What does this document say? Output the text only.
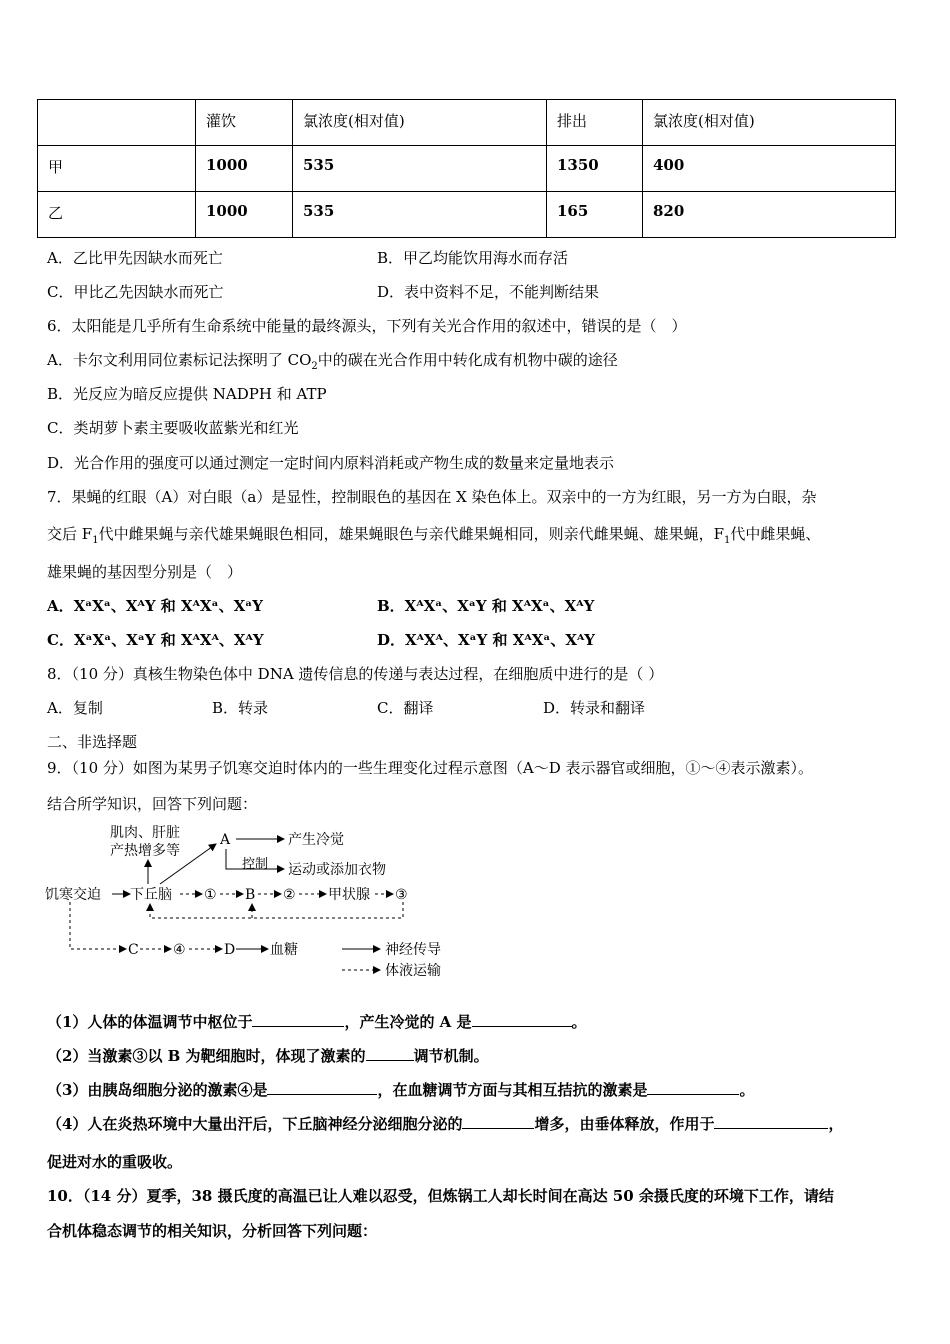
	灌饮	氯浓度(相对值)	排出	氯浓度(相对值)
甲	1000	535	1350	400
乙	1000	535	165	820
A．乙比甲先因缺水而死亡	B．甲乙均能饮用海水而存活
C．甲比乙先因缺水而死亡	D．表中资料不足，不能判断结果
6．太阳能是几乎所有生命系统中能量的最终源头，下列有关光合作用的叙述中，错误的是（　）
A．卡尔文利用同位素标记法探明了 $CO_2$中的碳在光合作用中转化成有机物中碳的途径
B．光反应为暗反应提供 NADPH 和 ATP
C．类胡萝卜素主要吸收蓝紫光和红光
D．光合作用的强度可以通过测定一定时间内原料消耗或产物生成的数量来定量地表示
7．果蝇的红眼（A）对白眼（a）是显性，控制眼色的基因在 X 染色体上。双亲中的一方为红眼，另一方为白眼，杂
交后 $F_1$代中雌果蝇与亲代雄果蝇眼色相同，雄果蝇眼色与亲代雌果蝇相同，则亲代雌果蝇、雄果蝇，$F_1$代中雌果蝇、
雄果蝇的基因型分别是（　）
A．XᵃXᵃ、XᴬY 和 XᴬXᵃ、XᵃY	B．XᴬXᵃ、XᵃY 和 XᴬXᵃ、XᴬY
C．XᵃXᵃ、XᵃY 和 XᴬXᴬ、XᴬY	D．XᴬXᴬ、XᵃY 和 XᴬXᵃ、XᴬY
8．（10 分）真核生物染色体中 DNA 遗传信息的传递与表达过程，在细胞质中进行的是（ ）
A．复制	B．转录	C．翻译	D．转录和翻译
二、非选择题
9．（10 分）如图为某男子饥寒交迫时体内的一些生理变化过程示意图（A～D 表示器官或细胞，①～④表示激素）。
结合所学知识，回答下列问题：
肌肉、肝脏
产热增多等
A	产生冷觉
控制 运动或添加衣物
饥寒交迫 下丘脑 ① B ② 甲状腺 ③
C ④	D 血糖	神经传导
体液运输
（1）人体的体温调节中枢位于	，产生冷觉的 A 是	。
（2）当激素③以 B 为靶细胞时，体现了激素的	调节机制。
（3）由胰岛细胞分泌的激素④是	，在血糖调节方面与其相互拮抗的激素是	。
（4）人在炎热环境中大量出汗后，下丘脑神经分泌细胞分泌的	增多，由垂体释放，作用于	，
促进对水的重吸收。
10．（14 分）夏季，38 摄氏度的高温已让人难以忍受，但炼锅工人却长时间在高达 50 余摄氏度的环境下工作，请结
合机体稳态调节的相关知识，分析回答下列问题：
